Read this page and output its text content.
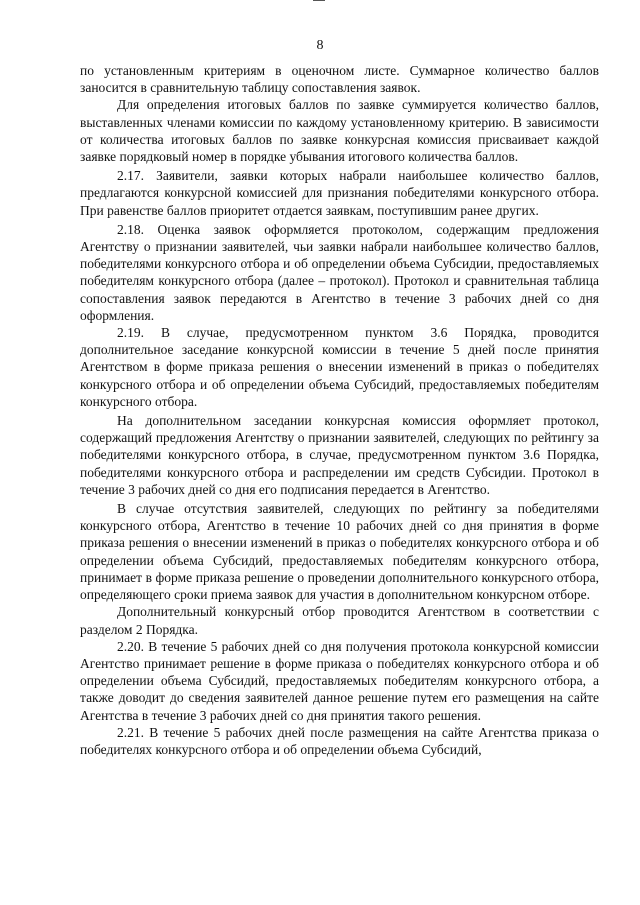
8

по установленным критериям в оценочном листе. Суммарное количество баллов заносится в сравнительную таблицу сопоставления заявок.

Для определения итоговых баллов по заявке суммируется количество баллов, выставленных членами комиссии по каждому установленному критерию. В зависимости от количества итоговых баллов по заявке конкурсная комиссия присваивает каждой заявке порядковый номер в порядке убывания итогового количества баллов.

2.17. Заявители, заявки которых набрали наибольшее количество баллов, предлагаются конкурсной комиссией для признания победителями конкурсного отбора. При равенстве баллов приоритет отдается заявкам, поступившим ранее других.

2.18. Оценка заявок оформляется протоколом, содержащим предложения Агентству о признании заявителей, чьи заявки набрали наибольшее количество баллов, победителями конкурсного отбора и об определении объема Субсидии, предоставляемых победителям конкурсного отбора (далее – протокол). Протокол и сравнительная таблица сопоставления заявок передаются в Агентство в течение 3 рабочих дней со дня оформления.

2.19. В случае, предусмотренном пунктом 3.6 Порядка, проводится дополнительное заседание конкурсной комиссии в течение 5 дней после принятия Агентством в форме приказа решения о внесении изменений в приказ о победителях конкурсного отбора и об определении объема Субсидий, предоставляемых победителям конкурсного отбора.

На дополнительном заседании конкурсная комиссия оформляет протокол, содержащий предложения Агентству о признании заявителей, следующих по рейтингу за победителями конкурсного отбора, в случае, предусмотренном пунктом 3.6 Порядка, победителями конкурсного отбора и распределении им средств Субсидии. Протокол в течение 3 рабочих дней со дня его подписания передается в Агентство.

В случае отсутствия заявителей, следующих по рейтингу за победителями конкурсного отбора, Агентство в течение 10 рабочих дней со дня принятия в форме приказа решения о внесении изменений в приказ о победителях конкурсного отбора и об определении объема Субсидий, предоставляемых победителям конкурсного отбора, принимает в форме приказа решение о проведении дополнительного конкурсного отбора, определяющего сроки приема заявок для участия в дополнительном конкурсном отборе.

Дополнительный конкурсный отбор проводится Агентством в соответствии с разделом 2 Порядка.

2.20. В течение 5 рабочих дней со дня получения протокола конкурсной комиссии Агентство принимает решение в форме приказа о победителях конкурсного отбора и об определении объема Субсидий, предоставляемых победителям конкурсного отбора, а также доводит до сведения заявителей данное решение путем его размещения на сайте Агентства в течение 3 рабочих дней со дня принятия такого решения.

2.21. В течение 5 рабочих дней после размещения на сайте Агентства приказа о победителях конкурсного отбора и об определении объема Субсидий,
